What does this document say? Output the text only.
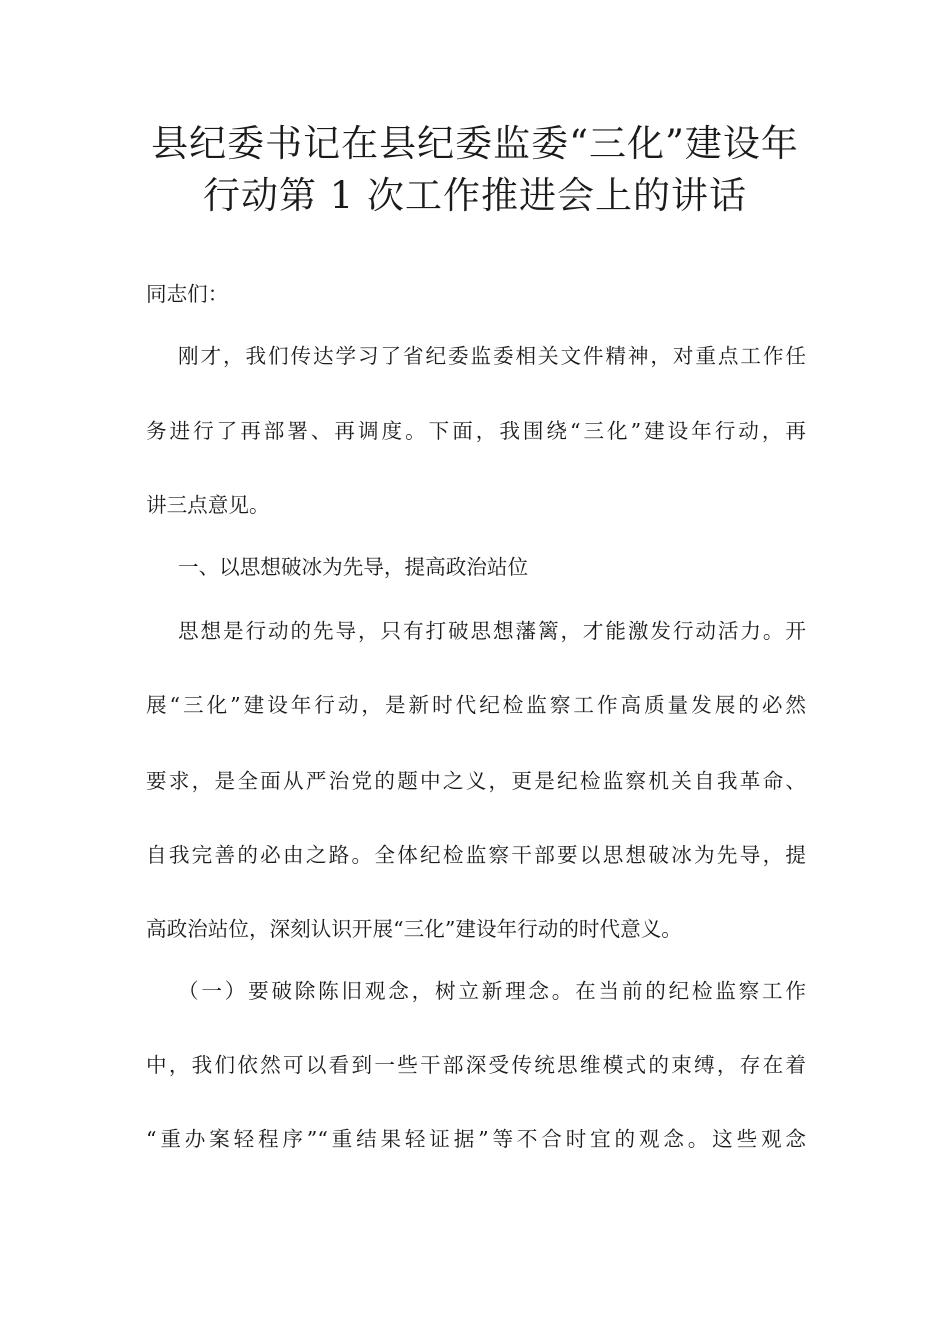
县纪委书记在县纪委监委“三化”建设年
行动第 1 次工作推进会上的讲话

同志们：

刚才，我们传达学习了省纪委监委相关文件精神，对重点工作任

务进行了再部署、再调度。下面，我围绕“三化”建设年行动，再

讲三点意见。

一、以思想破冰为先导，提高政治站位

思想是行动的先导，只有打破思想藩篱，才能激发行动活力。开

展“三化”建设年行动，是新时代纪检监察工作高质量发展的必然

要求，是全面从严治党的题中之义，更是纪检监察机关自我革命、

自我完善的必由之路。全体纪检监察干部要以思想破冰为先导，提

高政治站位，深刻认识开展“三化”建设年行动的时代意义。

（一）要破除陈旧观念，树立新理念。在当前的纪检监察工作

中，我们依然可以看到一些干部深受传统思维模式的束缚，存在着

“重办案轻程序”“重结果轻证据”等不合时宜的观念。这些观念
